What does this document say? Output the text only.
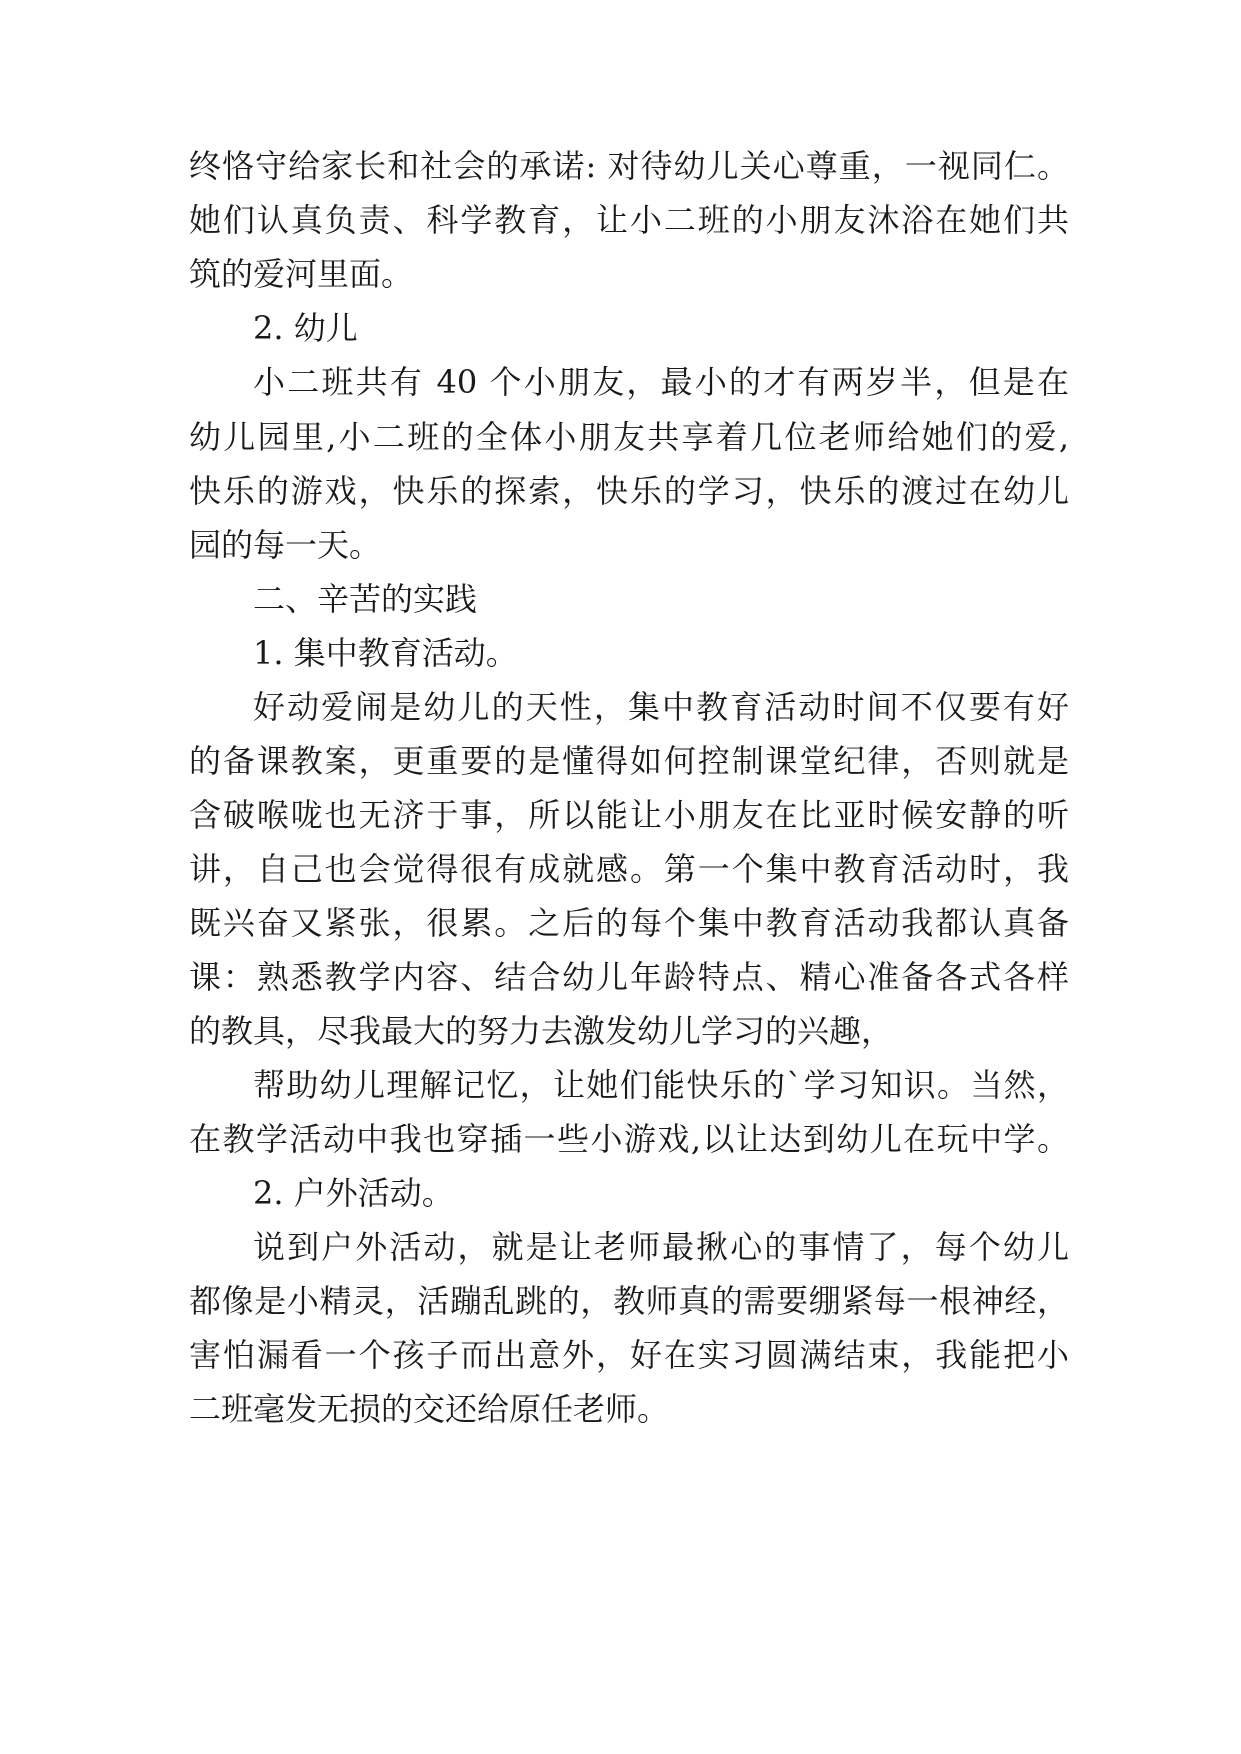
终恪守给家长和社会的承诺: 对待幼儿关心尊重，一视同仁。
她们认真负责、科学教育，让小二班的小朋友沐浴在她们共
筑的爱河里面。
2. 幼儿
小二班共有 40 个小朋友，最小的才有两岁半，但是在
幼儿园里,小二班的全体小朋友共享着几位老师给她们的爱,
快乐的游戏，快乐的探索，快乐的学习，快乐的渡过在幼儿
园的每一天。
二、辛苦的实践
1. 集中教育活动。
好动爱闹是幼儿的天性，集中教育活动时间不仅要有好
的备课教案，更重要的是懂得如何控制课堂纪律，否则就是
含破喉咙也无济于事，所以能让小朋友在比亚时候安静的听
讲，自己也会觉得很有成就感。第一个集中教育活动时，我
既兴奋又紧张，很累。之后的每个集中教育活动我都认真备
课：熟悉教学内容、结合幼儿年龄特点、精心准备各式各样
的教具，尽我最大的努力去激发幼儿学习的兴趣，
帮助幼儿理解记忆，让她们能快乐的`学习知识。当然，
在教学活动中我也穿插一些小游戏,以让达到幼儿在玩中学。
2. 户外活动。
说到户外活动，就是让老师最揪心的事情了，每个幼儿
都像是小精灵，活蹦乱跳的，教师真的需要绷紧每一根神经，
害怕漏看一个孩子而出意外，好在实习圆满结束，我能把小
二班毫发无损的交还给原任老师。
